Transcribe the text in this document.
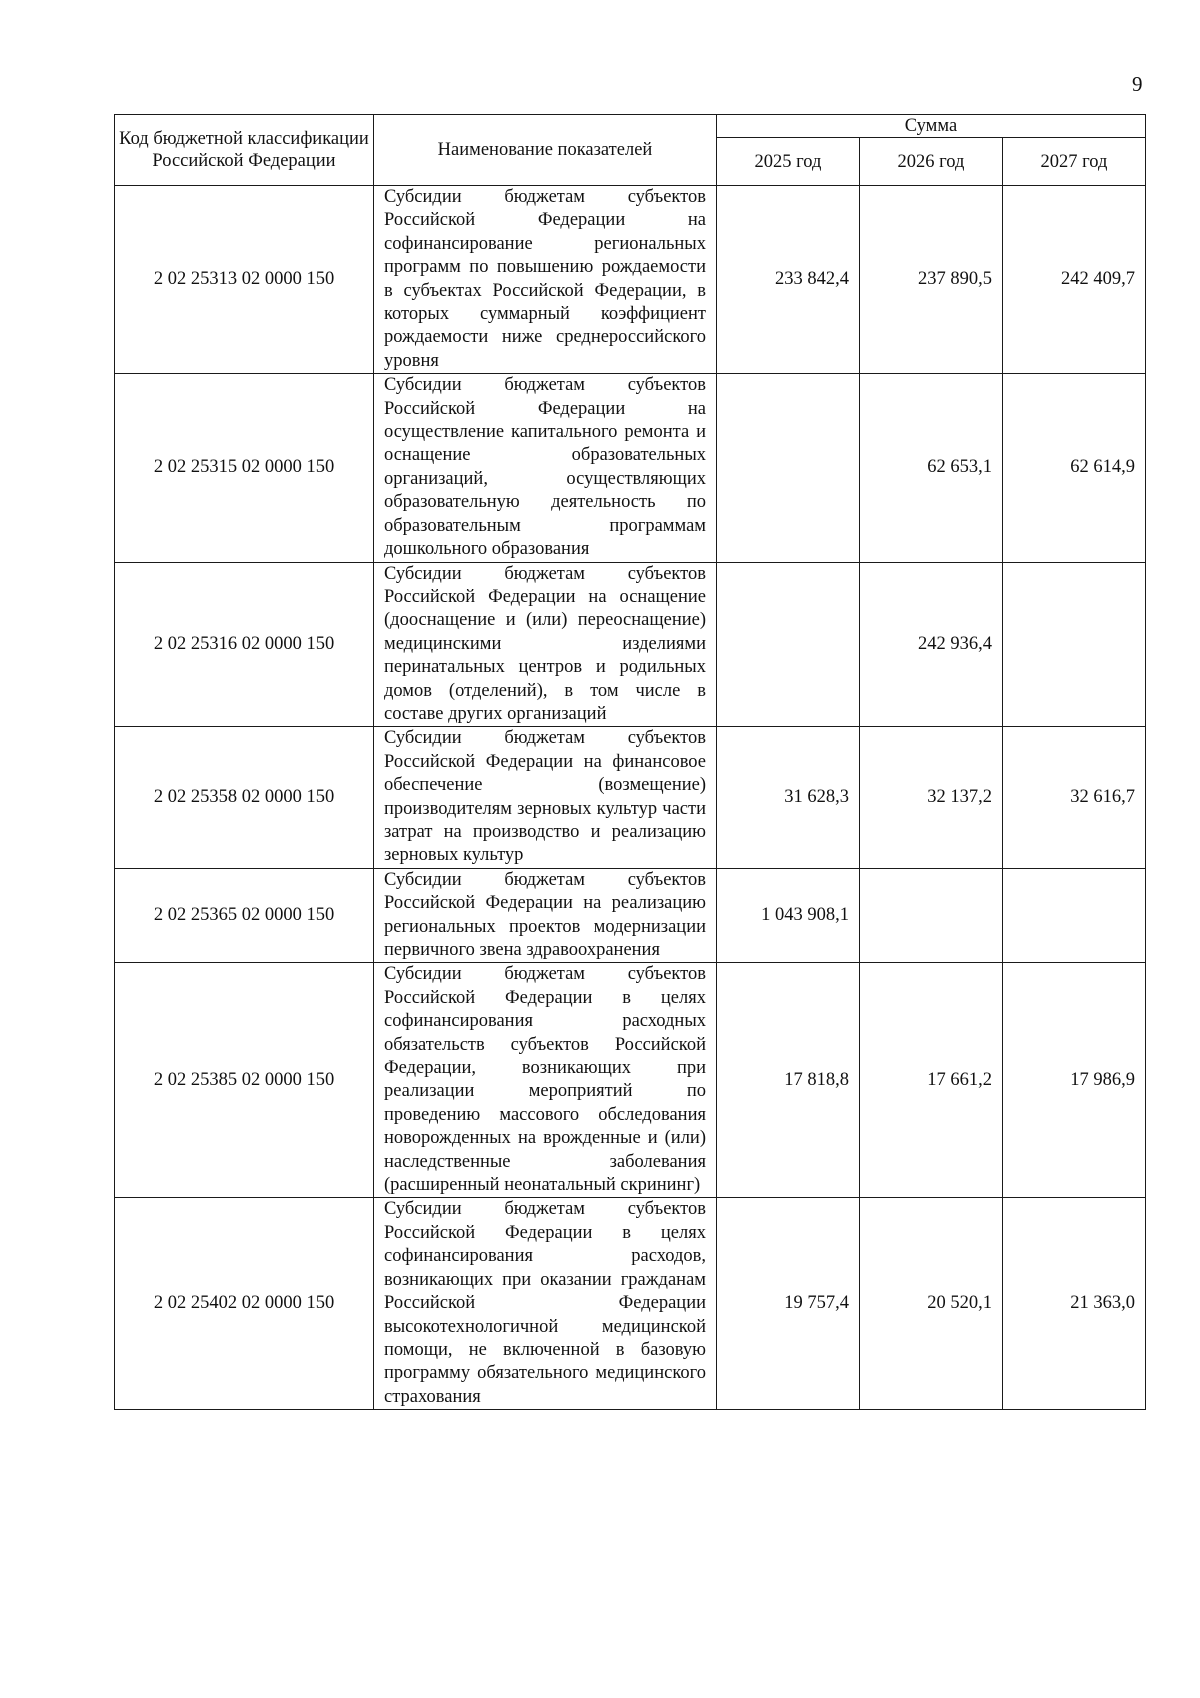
9
Код бюджетной классификации Российской Федерации	Наименование показателей	Сумма		
		2025 год	2026 год	2027 год
2 02 25313 02 0000 150	Субсидии бюджетам субъектов Российской Федерации на софинансирование региональных программ по повышению рождаемости в субъектах Российской Федерации, в которых суммарный коэффициент рождаемости ниже среднероссийского уровня	233 842,4	237 890,5	242 409,7
2 02 25315 02 0000 150	Субсидии бюджетам субъектов Российской Федерации на осуществление капитального ремонта и оснащение образовательных организаций, осуществляющих образовательную деятельность по образовательным программам дошкольного образования		62 653,1	62 614,9
2 02 25316 02 0000 150	Субсидии бюджетам субъектов Российской Федерации на оснащение (дооснащение и (или) переоснащение) медицинскими изделиями перинатальных центров и родильных домов (отделений), в том числе в составе других организаций		242 936,4	
2 02 25358 02 0000 150	Субсидии бюджетам субъектов Российской Федерации на финансовое обеспечение (возмещение) производителям зерновых культур части затрат на производство и реализацию зерновых культур	31 628,3	32 137,2	32 616,7
2 02 25365 02 0000 150	Субсидии бюджетам субъектов Российской Федерации на реализацию региональных проектов модернизации первичного звена здравоохранения	1 043 908,1		
2 02 25385 02 0000 150	Субсидии бюджетам субъектов Российской Федерации в целях софинансирования расходных обязательств субъектов Российской Федерации, возникающих при реализации мероприятий по проведению массового обследования новорожденных на врожденные и (или) наследственные заболевания (расширенный неонатальный скрининг)	17 818,8	17 661,2	17 986,9
2 02 25402 02 0000 150	Субсидии бюджетам субъектов Российской Федерации в целях софинансирования расходов, возникающих при оказании гражданам Российской Федерации высокотехнологичной медицинской помощи, не включенной в базовую программу обязательного медицинского страхования	19 757,4	20 520,1	21 363,0
